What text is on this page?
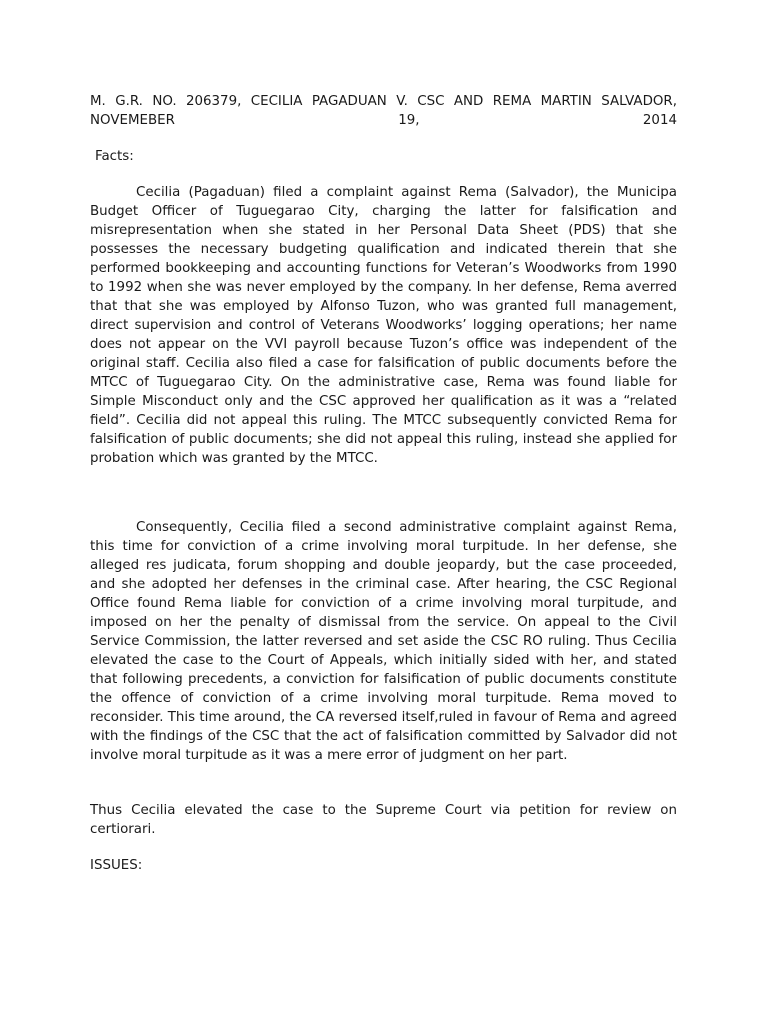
M. G.R. NO. 206379, CECILIA PAGADUAN V. CSC AND REMA MARTIN SALVADOR,
NOVEMEBER	19,	2014
Facts:

Cecilia (Pagaduan) filed a complaint against Rema (Salvador), the Municipa Budget Officer of Tuguegarao City, charging the latter for falsification and misrepresentation when she stated in her Personal Data Sheet (PDS) that she possesses the necessary budgeting qualification and indicated therein that she performed bookkeeping and accounting functions for Veteran’s Woodworks from 1990 to 1992 when she was never employed by the company. In her defense, Rema averred that that she was employed by Alfonso Tuzon, who was granted full management, direct supervision and control of Veterans Woodworks’ logging operations; her name does not appear on the VVI payroll because Tuzon’s office was independent of the original staff. Cecilia also filed a case for falsification of public documents before the MTCC of Tuguegarao City. On the administrative case, Rema was found liable for Simple Misconduct only and the CSC approved her qualification as it was a “related field”. Cecilia did not appeal this ruling. The MTCC subsequently convicted Rema for falsification of public documents; she did not appeal this ruling, instead she applied for probation which was granted by the MTCC.

Consequently, Cecilia filed a second administrative complaint against Rema, this time for conviction of a crime involving moral turpitude. In her defense, she alleged res judicata, forum shopping and double jeopardy, but the case proceeded, and she adopted her defenses in the criminal case. After hearing, the CSC Regional Office found Rema liable for conviction of a crime involving moral turpitude, and imposed on her the penalty of dismissal from the service. On appeal to the Civil Service Commission, the latter reversed and set aside the CSC RO ruling. Thus Cecilia elevated the case to the Court of Appeals, which initially sided with her, and stated that following precedents, a conviction for falsification of public documents constitute the offence of conviction of a crime involving moral turpitude. Rema moved to reconsider. This time around, the CA reversed itself,ruled in favour of Rema and agreed with the findings of the CSC that the act of falsification committed by Salvador did not involve moral turpitude as it was a mere error of judgment on her part.

Thus Cecilia elevated the case to the Supreme Court via petition for review on certiorari.

ISSUES:
